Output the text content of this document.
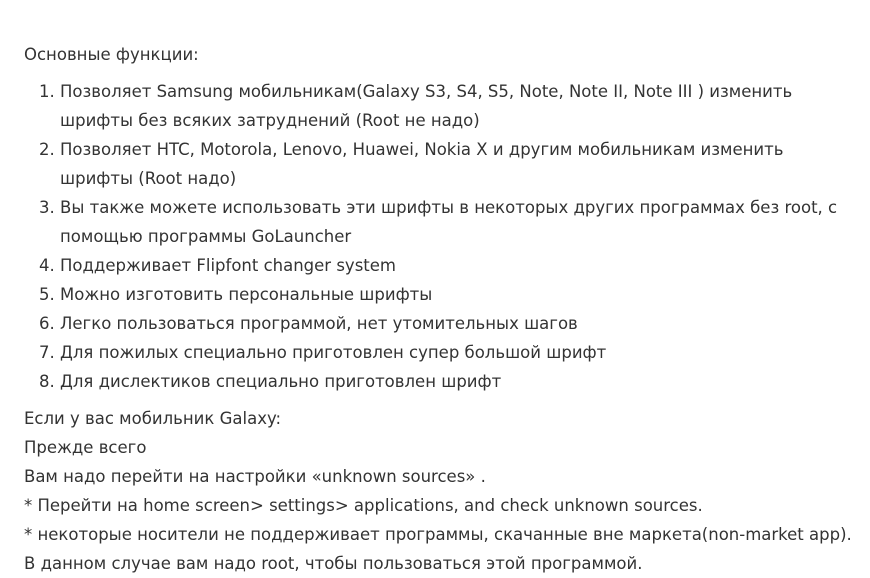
Основные функции:
1. Позволяет Samsung мобильникам(Galaxy S3, S4, S5, Note, Note II, Note III ) изменить шрифты без всяких затруднений (Root не надо)
2. Позволяет HTC, Motorola, Lenovo, Huawei, Nokia X и другим мобильникам изменить шрифты (Root надо)
3. Вы также можете использовать эти шрифты в некоторых других программах без root, с помощью программы GoLauncher
4. Поддерживает Flipfont changer system
5. Можно изготовить персональные шрифты
6. Легко пользоваться программой, нет утомительных шагов
7. Для пожилых специально приготовлен супер большой шрифт
8. Для дислектиков специально приготовлен шрифт
Если у вас мобильник Galaxy:
Прежде всего
Вам надо перейти на настройки «unknown sources» .
* Перейти на home screen> settings> applications, and check unknown sources.
* некоторые носители не поддерживает программы, скачанные вне маркета(non-market app). В данном случае вам надо root, чтобы пользоваться этой программой.
